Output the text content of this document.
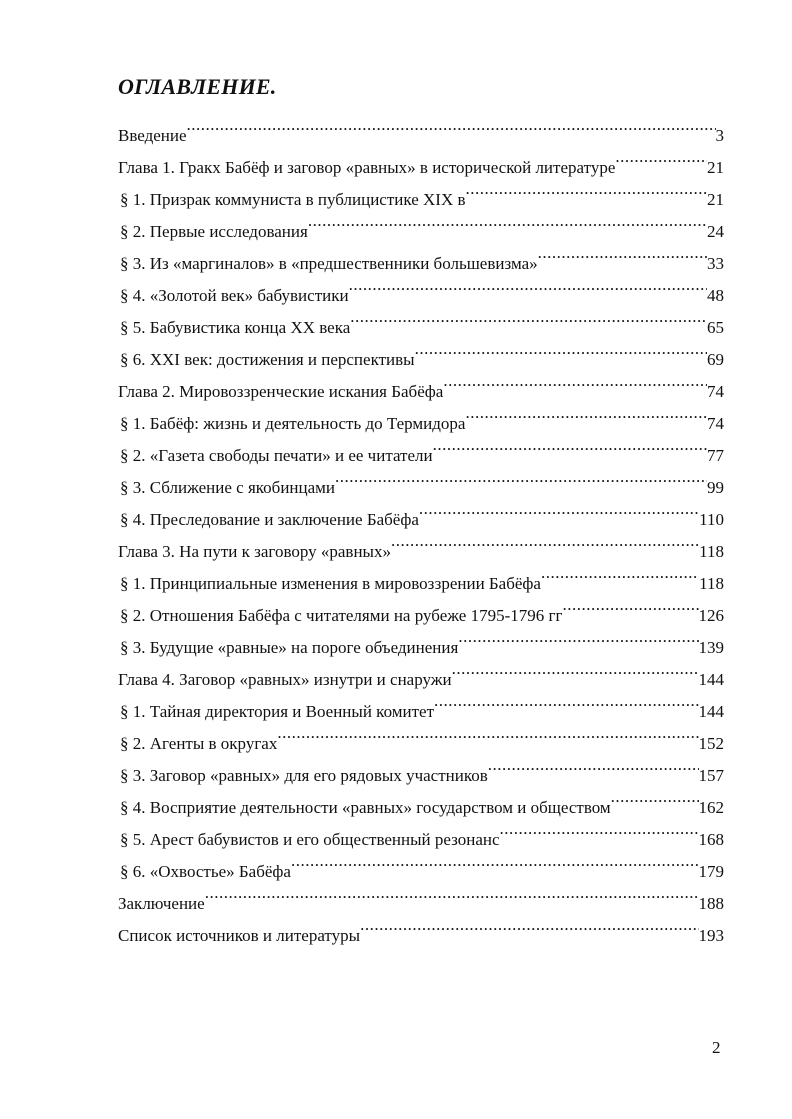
ОГЛАВЛЕНИЕ.
Введение .....	3
Глава 1. Гракх Бабёф и заговор «равных» в исторической литературе .....	21
§ 1. Призрак коммуниста в публицистике XIX в .....	21
§ 2. Первые исследования .....	24
§ 3. Из «маргиналов» в «предшественники большевизма» .....	33
§ 4. «Золотой век» бабувистики .....	48
§ 5. Бабувистика конца XX века .....	65
§ 6. XXI век: достижения и перспективы .....	69
Глава 2. Мировоззренческие искания Бабёфа .....	74
§ 1. Бабёф: жизнь и деятельность до Термидора .....	74
§ 2. «Газета свободы печати» и ее читатели .....	77
§ 3. Сближение с якобинцами .....	99
§ 4. Преследование и заключение Бабёфа .....	110
Глава 3. На пути к заговору «равных» .....	118
§ 1. Принципиальные изменения в мировоззрении Бабёфа .....	118
§ 2. Отношения Бабёфа с читателями на рубеже 1795-1796 гг .....	126
§ 3. Будущие «равные» на пороге объединения .....	139
Глава 4. Заговор «равных» изнутри и снаружи .....	144
§ 1. Тайная директория и Военный комитет .....	144
§ 2. Агенты в округах .....	152
§ 3. Заговор «равных» для его рядовых участников .....	157
§ 4. Восприятие деятельности «равных» государством и обществом .....	162
§ 5. Арест бабувистов и его общественный резонанс .....	168
§ 6. «Охвостье» Бабёфа .....	179
Заключение .....	188
Список источников и литературы .....	193
2
